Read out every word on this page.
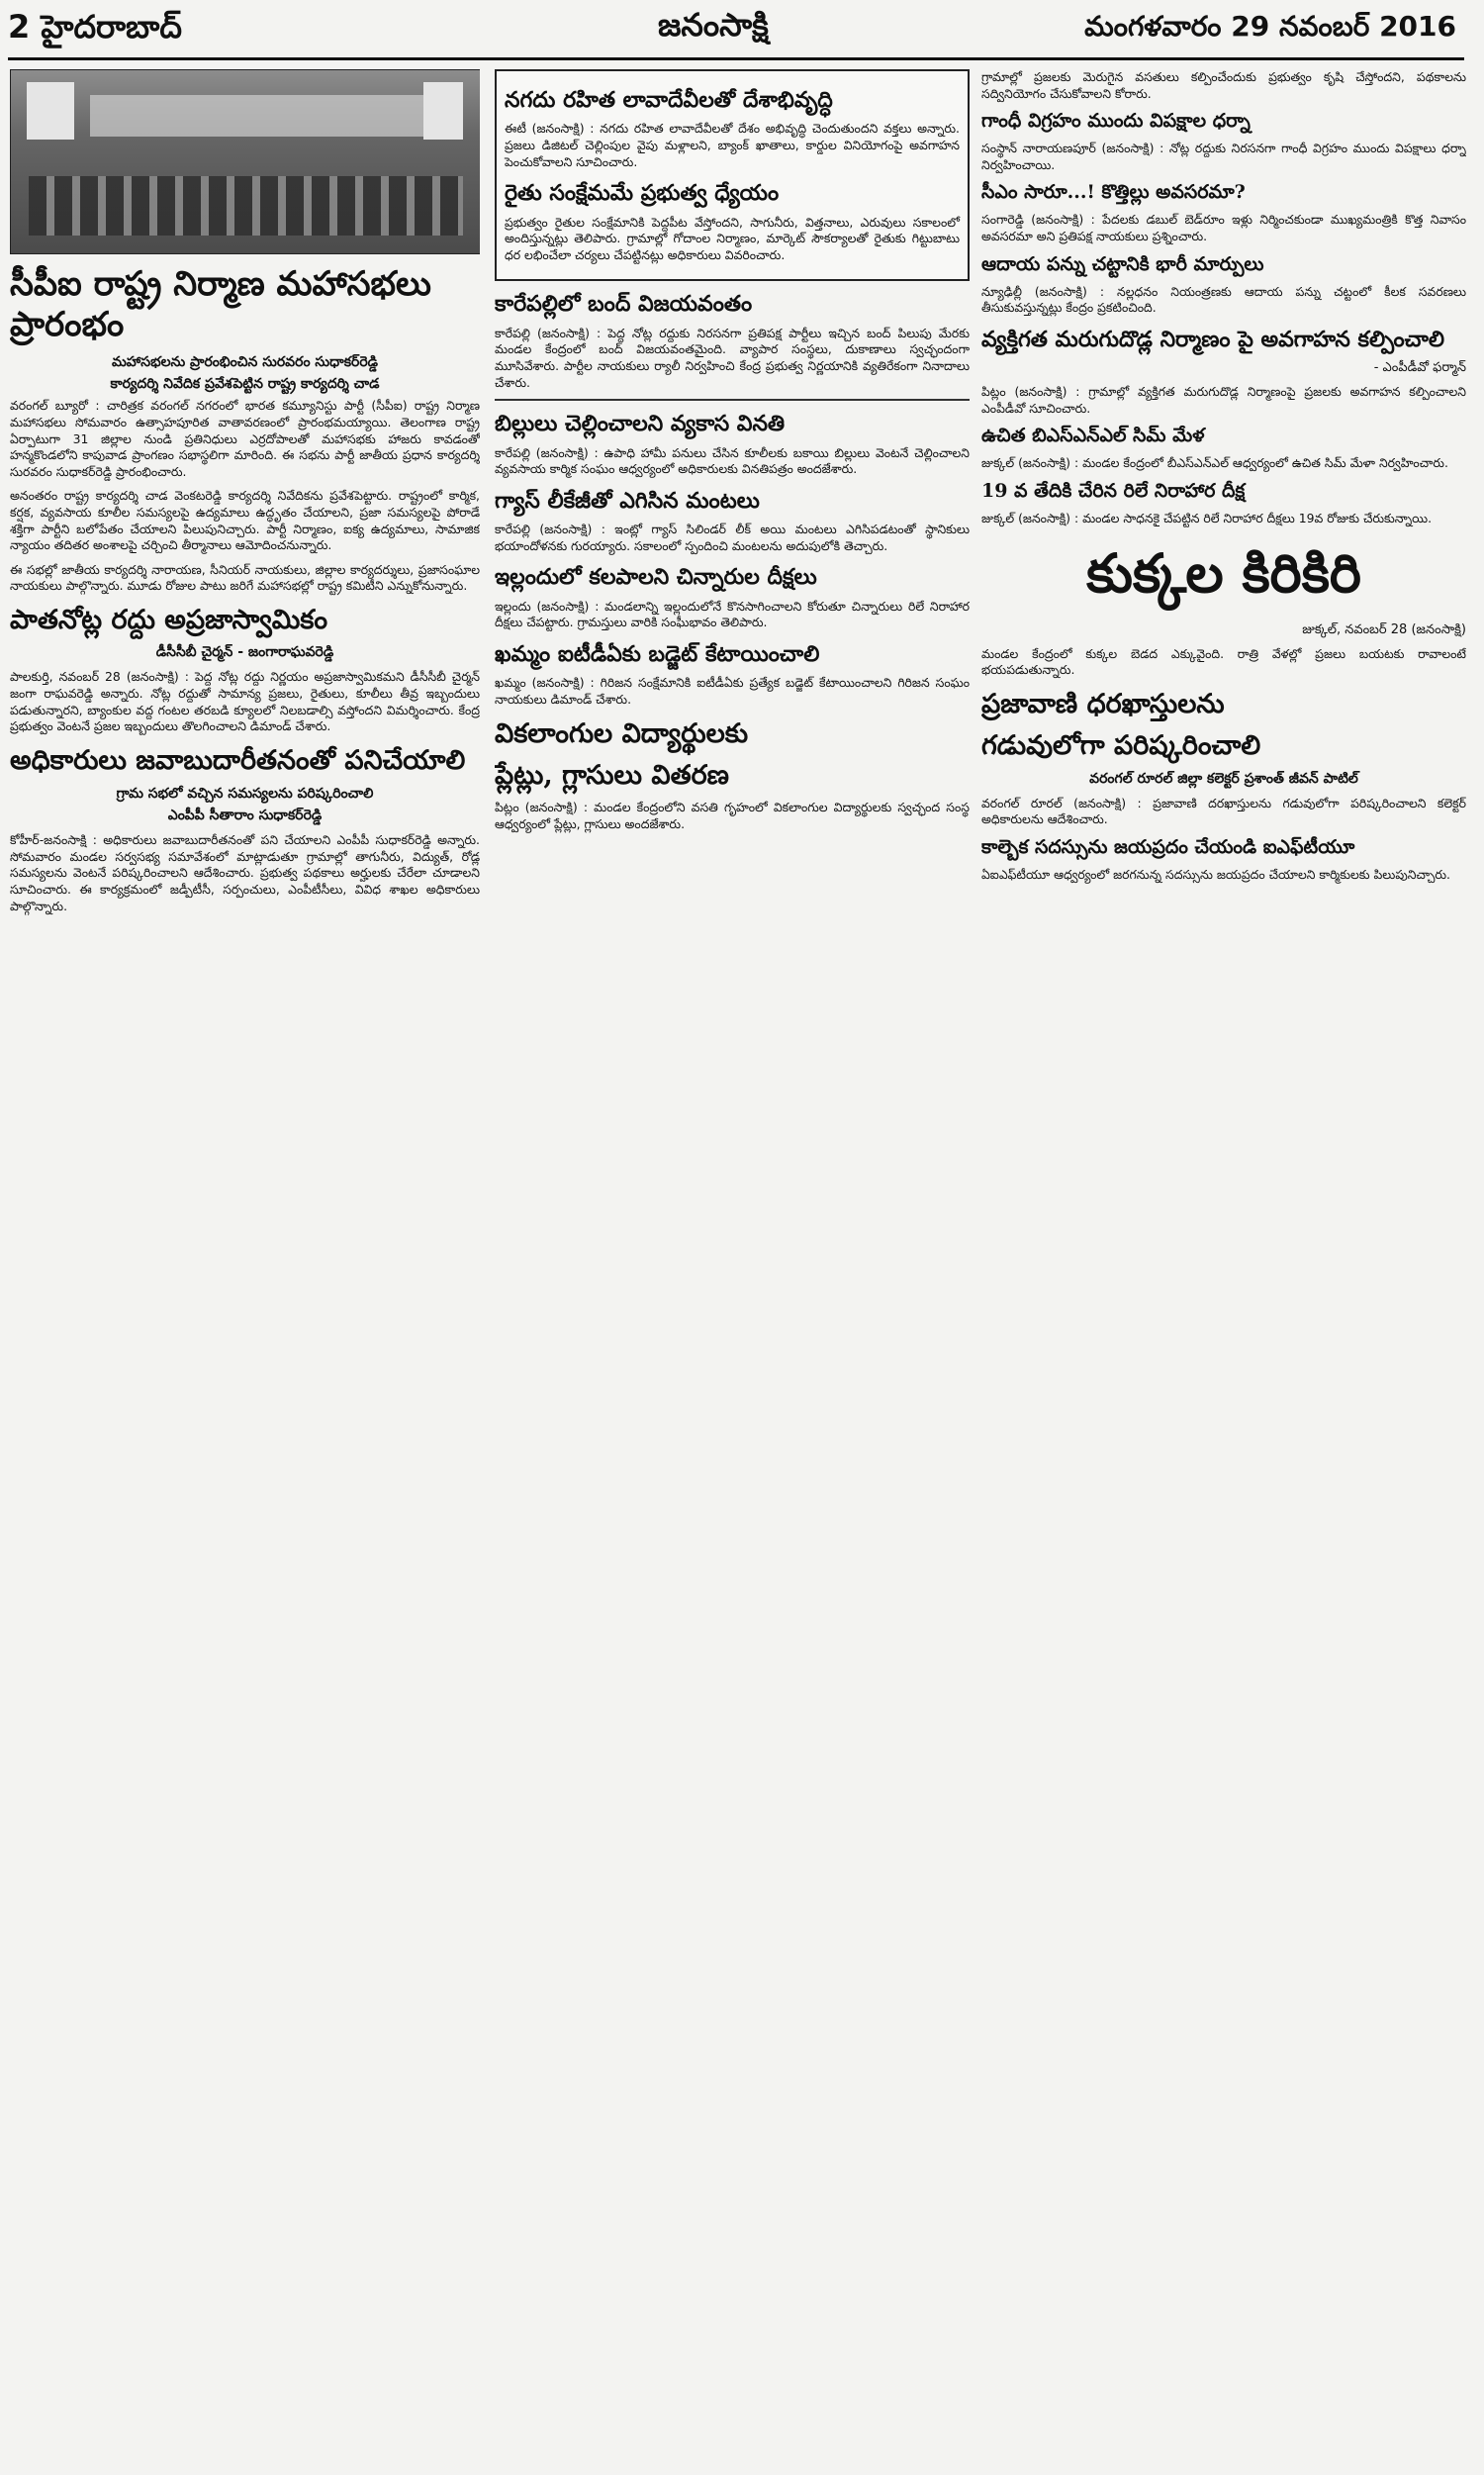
2 హైదరాబాద్	జనంసాక్షి	మంగళవారం 29 నవంబర్ 2016
సీపీఐ రాష్ట్ర నిర్మాణ మహాసభలు ప్రారంభం
మహాసభలను ప్రారంభించిన సురవరం సుధాకర్‌రెడ్డి
కార్యదర్శి నివేదిక ప్రవేశపెట్టిన రాష్ట్ర కార్యదర్శి చాడ

వరంగల్ బ్యూరో : చారిత్రక వరంగల్ నగరంలో భారత కమ్యూనిస్టు పార్టీ (సీపీఐ) రాష్ట్ర నిర్మాణ మహాసభలు సోమవారం ఉత్సాహపూరిత వాతావరణంలో ప్రారంభమయ్యాయి. తెలంగాణ రాష్ట్ర ఏర్పాటుగా 31 జిల్లాల నుండి ప్రతినిధులు ఎర్రదోపాలతో మహాసభకు హాజరు కావడంతో హన్మకొండలోని కాపువాడ ప్రాంగణం సభాస్థలిగా మారింది. ఈ సభను పార్టీ జాతీయ ప్రధాన కార్యదర్శి సురవరం సుధాకర్‌రెడ్డి ప్రారంభించారు.

అనంతరం రాష్ట్ర కార్యదర్శి చాడ వెంకటరెడ్డి కార్యదర్శి నివేదికను ప్రవేశపెట్టారు. రాష్ట్రంలో కార్మిక, కర్షక, వ్యవసాయ కూలీల సమస్యలపై ఉద్యమాలు ఉద్ధృతం చేయాలని, ప్రజా సమస్యలపై పోరాడే శక్తిగా పార్టీని బలోపేతం చేయాలని పిలుపునిచ్చారు. పార్టీ నిర్మాణం, ఐక్య ఉద్యమాలు, సామాజిక న్యాయం తదితర అంశాలపై చర్చించి తీర్మానాలు ఆమోదించనున్నారు.

ఈ సభల్లో జాతీయ కార్యదర్శి నారాయణ, సీనియర్ నాయకులు, జిల్లాల కార్యదర్శులు, ప్రజాసంఘాల నాయకులు పాల్గొన్నారు. మూడు రోజుల పాటు జరిగే మహాసభల్లో రాష్ట్ర కమిటీని ఎన్నుకోనున్నారు.

పాతనోట్ల రద్దు అప్రజాస్వామికం
డీసీసీబీ చైర్మన్ - జంగారాఘవరెడ్డి

పాలకుర్తి, నవంబర్ 28 (జనంసాక్షి) : పెద్ద నోట్ల రద్దు నిర్ణయం అప్రజాస్వామికమని డీసీసీబీ చైర్మన్ జంగా రాఘవరెడ్డి అన్నారు. నోట్ల రద్దుతో సామాన్య ప్రజలు, రైతులు, కూలీలు తీవ్ర ఇబ్బందులు పడుతున్నారని, బ్యాంకుల వద్ద గంటల తరబడి క్యూలలో నిలబడాల్సి వస్తోందని విమర్శించారు. కేంద్ర ప్రభుత్వం వెంటనే ప్రజల ఇబ్బందులు తొలగించాలని డిమాండ్ చేశారు.

అధికారులు జవాబుదారీతనంతో పనిచేయాలి
గ్రామ సభలో వచ్చిన సమస్యలను పరిష్కరించాలి
ఎంపీపీ సీతారాం సుధాకర్‌రెడ్డి

కోహీర్-జనంసాక్షి : అధికారులు జవాబుదారీతనంతో పని చేయాలని ఎంపీపీ సుధాకర్‌రెడ్డి అన్నారు. సోమవారం మండల సర్వసభ్య సమావేశంలో మాట్లాడుతూ గ్రామాల్లో తాగునీరు, విద్యుత్, రోడ్ల సమస్యలను వెంటనే పరిష్కరించాలని ఆదేశించారు. ప్రభుత్వ పథకాలు అర్హులకు చేరేలా చూడాలని సూచించారు. ఈ కార్యక్రమంలో జడ్పీటీసీ, సర్పంచులు, ఎంపీటీసీలు, వివిధ శాఖల అధికారులు పాల్గొన్నారు.

నగదు రహిత లావాదేవీలతో దేశాభివృద్ధి

ఈటీ (జనంసాక్షి) : నగదు రహిత లావాదేవీలతో దేశం అభివృద్ధి చెందుతుందని వక్తలు అన్నారు. ప్రజలు డిజిటల్ చెల్లింపుల వైపు మళ్లాలని, బ్యాంక్ ఖాతాలు, కార్డుల వినియోగంపై అవగాహన పెంచుకోవాలని సూచించారు.

రైతు సంక్షేమమే ప్రభుత్వ ధ్యేయం

ప్రభుత్వం రైతుల సంక్షేమానికి పెద్దపీట వేస్తోందని, సాగునీరు, విత్తనాలు, ఎరువులు సకాలంలో అందిస్తున్నట్లు తెలిపారు. గ్రామాల్లో గోదాంల నిర్మాణం, మార్కెట్ సౌకర్యాలతో రైతుకు గిట్టుబాటు ధర లభించేలా చర్యలు చేపట్టినట్లు అధికారులు వివరించారు.

కారేపల్లిలో బంద్ విజయవంతం

కారేపల్లి (జనంసాక్షి) : పెద్ద నోట్ల రద్దుకు నిరసనగా ప్రతిపక్ష పార్టీలు ఇచ్చిన బంద్ పిలుపు మేరకు మండల కేంద్రంలో బంద్ విజయవంతమైంది. వ్యాపార సంస్థలు, దుకాణాలు స్వచ్ఛందంగా మూసివేశారు. పార్టీల నాయకులు ర్యాలీ నిర్వహించి కేంద్ర ప్రభుత్వ నిర్ణయానికి వ్యతిరేకంగా నినాదాలు చేశారు.

బిల్లులు చెల్లించాలని వ్యకాస వినతి

కారేపల్లి (జనంసాక్షి) : ఉపాధి హామీ పనులు చేసిన కూలీలకు బకాయి బిల్లులు వెంటనే చెల్లించాలని వ్యవసాయ కార్మిక సంఘం ఆధ్వర్యంలో అధికారులకు వినతిపత్రం అందజేశారు.

గ్యాస్ లీకేజీతో ఎగిసిన మంటలు

కారేపల్లి (జనంసాక్షి) : ఇంట్లో గ్యాస్ సిలిండర్ లీక్ అయి మంటలు ఎగిసిపడటంతో స్థానికులు భయాందోళనకు గురయ్యారు. సకాలంలో స్పందించి మంటలను అదుపులోకి తెచ్చారు.

ఇల్లందులో కలపాలని చిన్నారుల దీక్షలు

ఇల్లందు (జనంసాక్షి) : మండలాన్ని ఇల్లందులోనే కొనసాగించాలని కోరుతూ చిన్నారులు రిలే నిరాహార దీక్షలు చేపట్టారు. గ్రామస్తులు వారికి సంఘీభావం తెలిపారు.

ఖమ్మం ఐటీడీఏకు బడ్జెట్ కేటాయించాలి

ఖమ్మం (జనంసాక్షి) : గిరిజన సంక్షేమానికి ఐటీడీఏకు ప్రత్యేక బడ్జెట్ కేటాయించాలని గిరిజన సంఘం నాయకులు డిమాండ్ చేశారు.

వికలాంగుల విద్యార్థులకు
ప్లేట్లు, గ్లాసులు వితరణ

పిట్లం (జనంసాక్షి) : మండల కేంద్రంలోని వసతి గృహంలో వికలాంగుల విద్యార్థులకు స్వచ్ఛంద సంస్థ ఆధ్వర్యంలో ప్లేట్లు, గ్లాసులు అందజేశారు.

గ్రామాల్లో ప్రజలకు మెరుగైన వసతులు కల్పించేందుకు ప్రభుత్వం కృషి చేస్తోందని, పథకాలను సద్వినియోగం చేసుకోవాలని కోరారు.

గాంధీ విగ్రహం ముందు విపక్షాల ధర్నా

సంస్థాన్ నారాయణపూర్ (జనంసాక్షి) : నోట్ల రద్దుకు నిరసనగా గాంధీ విగ్రహం ముందు విపక్షాలు ధర్నా నిర్వహించాయి.

సీఎం సారూ...! కొత్తిల్లు అవసరమా?

సంగారెడ్డి (జనంసాక్షి) : పేదలకు డబుల్ బెడ్‌రూం ఇళ్లు నిర్మించకుండా ముఖ్యమంత్రికి కొత్త నివాసం అవసరమా అని ప్రతిపక్ష నాయకులు ప్రశ్నించారు.

ఆదాయ పన్ను చట్టానికి భారీ మార్పులు

న్యూఢిల్లీ (జనంసాక్షి) : నల్లధనం నియంత్రణకు ఆదాయ పన్ను చట్టంలో కీలక సవరణలు తీసుకువస్తున్నట్లు కేంద్రం ప్రకటించింది.

వ్యక్తిగత మరుగుదొడ్ల నిర్మాణం పై అవగాహన కల్పించాలి
- ఎంపీడీవో ఫర్మాన్

పిట్లం (జనంసాక్షి) : గ్రామాల్లో వ్యక్తిగత మరుగుదొడ్ల నిర్మాణంపై ప్రజలకు అవగాహన కల్పించాలని ఎంపీడీవో సూచించారు.

ఉచిత బిఎస్ఎన్ఎల్ సిమ్ మేళ

జుక్కల్ (జనంసాక్షి) : మండల కేంద్రంలో బీఎస్ఎన్ఎల్ ఆధ్వర్యంలో ఉచిత సిమ్ మేళా నిర్వహించారు.

19 వ తేదికి చేరిన రిలే నిరాహార దీక్ష

జుక్కల్ (జనంసాక్షి) : మండల సాధనకై చేపట్టిన రిలే నిరాహార దీక్షలు 19వ రోజుకు చేరుకున్నాయి.

కుక్కల కిరికిరి
జుక్కల్, నవంబర్ 28 (జనంసాక్షి)

మండల కేంద్రంలో కుక్కల బెడద ఎక్కువైంది. రాత్రి వేళల్లో ప్రజలు బయటకు రావాలంటే భయపడుతున్నారు.

ప్రజావాణి ధరఖాస్తులను
గడువులోగా పరిష్కరించాలి
వరంగల్ రూరల్ జిల్లా కలెక్టర్ ప్రశాంత్ జీవన్ పాటిల్

వరంగల్ రూరల్ (జనంసాక్షి) : ప్రజావాణి దరఖాస్తులను గడువులోగా పరిష్కరించాలని కలెక్టర్ అధికారులను ఆదేశించారు.

కాల్బెక సదస్సును జయప్రదం చేయండి ఐఎఫ్‌టీయూ

ఏఐఎఫ్‌టీయూ ఆధ్వర్యంలో జరగనున్న సదస్సును జయప్రదం చేయాలని కార్మికులకు పిలుపునిచ్చారు.
